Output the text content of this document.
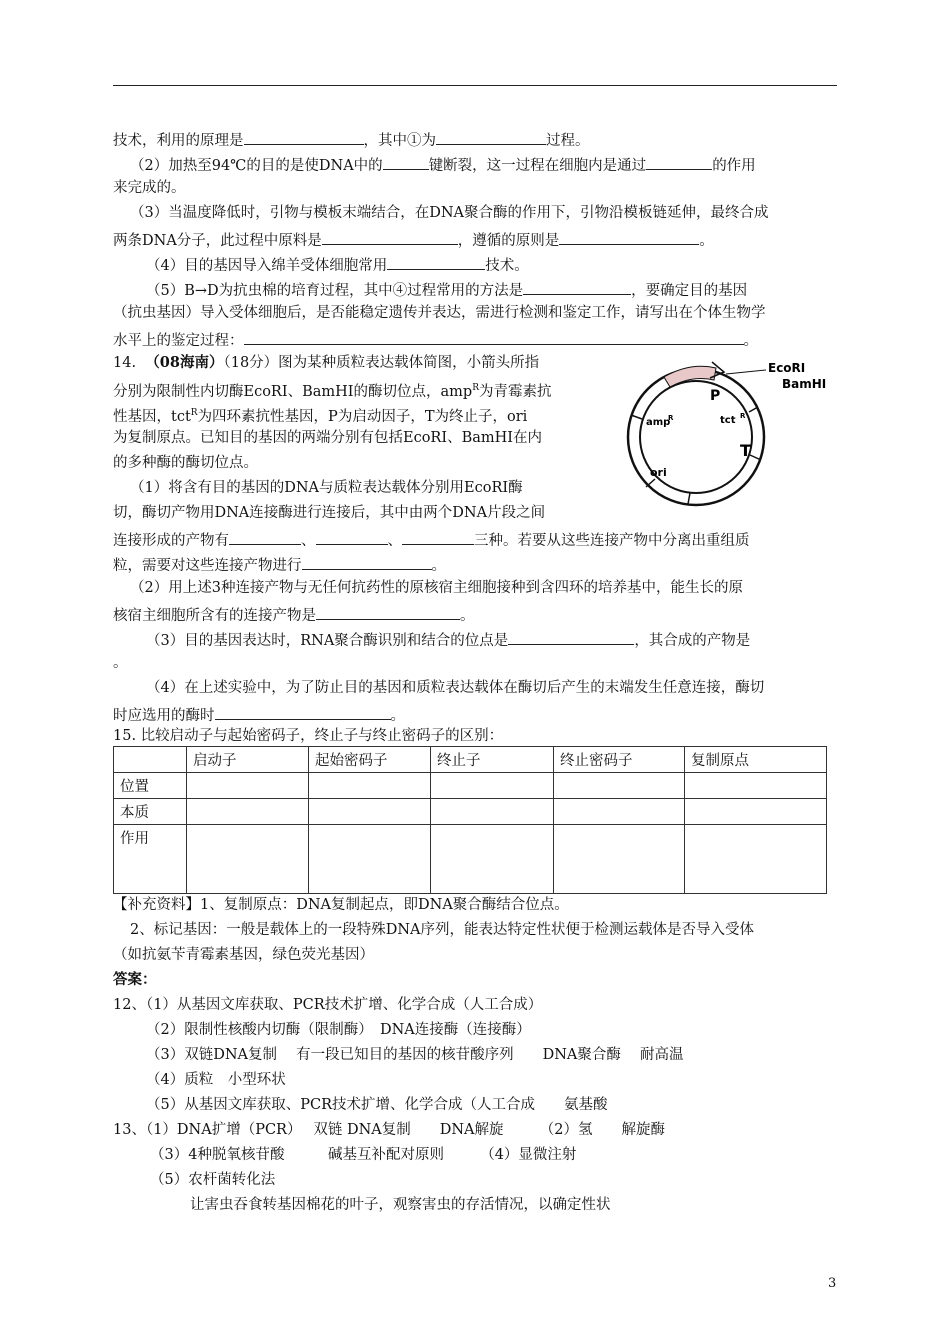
技术，利用的原理是	，其中①为	过程。
（2）加热至94℃的目的是使DNA中的	键断裂，这一过程在细胞内是通过	的作用
来完成的。
（3）当温度降低时，引物与模板末端结合，在DNA聚合酶的作用下，引物沿模板链延伸，最终合成
两条DNA分子，此过程中原料是	，遵循的原则是	。
（4）目的基因导入绵羊受体细胞常用	技术。
（5）B→D为抗虫棉的培育过程，其中④过程常用的方法是	，要确定目的基因
（抗虫基因）导入受体细胞后，是否能稳定遗传并表达，需进行检测和鉴定工作，请写出在个体生物学
水平上的鉴定过程：	。
14. （08海南）（18分）图为某种质粒表达载体简图，小箭头所指
分别为限制性内切酶EcoRI、BamHI的酶切位点，amp$^R$为青霉素抗
性基因，tct$^R$为四环素抗性基因，P为启动因子，T为终止子，ori
为复制原点。已知目的基因的两端分别有包括EcoRI、BamHI在内
的多种酶的酶切位点。
（1）将含有目的基因的DNA与质粒表达载体分别用EcoRI酶
切，酶切产物用DNA连接酶进行连接后，其中由两个DNA片段之间
连接形成的产物有	、	、	三种。若要从这些连接产物中分离出重组质
粒，需要对这些连接产物进行	。
（2）用上述3种连接产物与无任何抗药性的原核宿主细胞接种到含四环的培养基中，能生长的原
核宿主细胞所含有的连接产物是	。
（3）目的基因表达时，RNA聚合酶识别和结合的位点是	，其合成的产物是
。
（4）在上述实验中，为了防止目的基因和质粒表达载体在酶切后产生的末端发生任意连接，酶切
时应选用的酶时	。
EcoRI
BamHI
P
tct R
amp
R
T
ori
15. 比较启动子与起始密码子，终止子与终止密码子的区别：
	启动子	起始密码子	终止子	终止密码子	复制原点
位置					
本质					
作用					
【补充资料】1、复制原点：DNA复制起点，即DNA聚合酶结合位点。
2、标记基因：一般是载体上的一段特殊DNA序列，能表达特定性状便于检测运载体是否导入受体
（如抗氨苄青霉素基因，绿色荧光基因）
答案：
12、（1）从基因文库获取、PCR技术扩增、化学合成（人工合成）
（2）限制性核酸内切酶（限制酶）　DNA连接酶（连接酶）
（3）双链DNA复制　 有一段已知目的基因的核苷酸序列　　DNA聚合酶　 耐高温
（4）质粒　小型环状
（5）从基因文库获取、PCR技术扩增、化学合成（人工合成　　氨基酸
13、（1）DNA扩增（PCR）　 双链 DNA复制　　DNA解旋　　　（2）氢　　解旋酶
（3）4种脱氧核苷酸　　　碱基互补配对原则　　　（4）显微注射
（5）农杆菌转化法
让害虫吞食转基因棉花的叶子，观察害虫的存活情况，以确定性状
3
